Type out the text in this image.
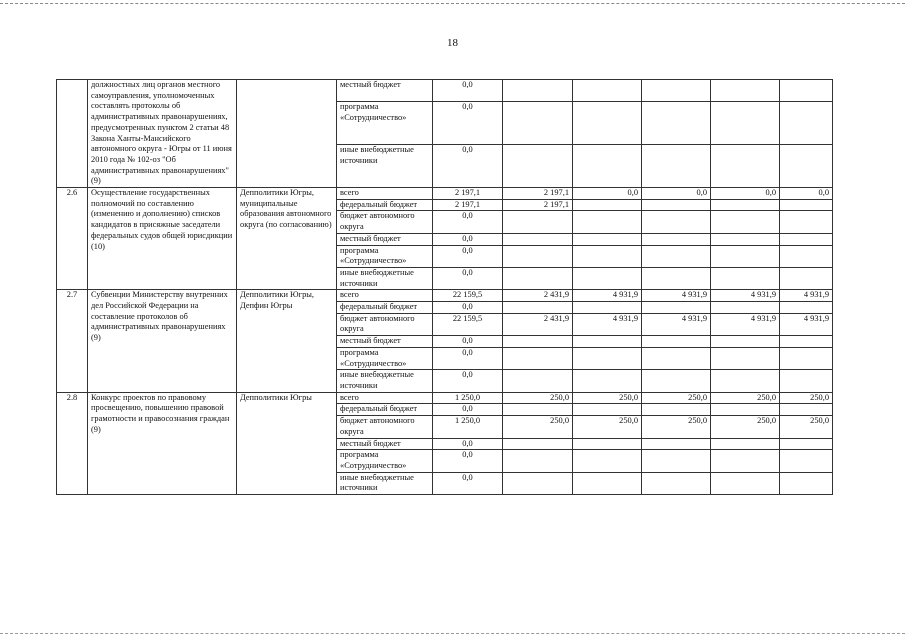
18
	должностных лиц органов местного самоуправления, уполномоченных составлять протоколы об административных правонарушениях, предусмотренных пунктом 2 статьи 48 Закона Ханты-Мансийского автономного округа - Югры от 11 июня 2010 года № 102-оз "Об административных правонарушениях" (9)		местный бюджет	0,0					
			программа «Сотрудничество»	0,0					
			иные внебюджетные источники	0,0					
2.6	Осуществление государственных полномочий по составлению (изменению и дополнению) списков кандидатов в присяжные заседатели федеральных судов общей юрисдикции (10)	Депполитики Югры, муниципальные образования автономного округа (по согласованию)	всего	2 197,1	2 197,1	0,0	0,0	0,0	0,0
			федеральный бюджет	2 197,1	2 197,1				
			бюджет автономного округа	0,0					
			местный бюджет	0,0					
			программа «Сотрудничество»	0,0					
			иные внебюджетные источники	0,0					
2.7	Субвенции Министерству внутренних дел Российской Федерации на составление протоколов об административных правонарушениях (9)	Депполитики Югры, Депфин Югры	всего	22 159,5	2 431,9	4 931,9	4 931,9	4 931,9	4 931,9
			федеральный бюджет	0,0					
			бюджет автономного округа	22 159,5	2 431,9	4 931,9	4 931,9	4 931,9	4 931,9
			местный бюджет	0,0					
			программа «Сотрудничество»	0,0					
			иные внебюджетные источники	0,0					
2.8	Конкурс проектов по правовому просвещению, повышению правовой грамотности и правосознания граждан (9)	Депполитики Югры	всего	1 250,0	250,0	250,0	250,0	250,0	250,0
			федеральный бюджет	0,0					
			бюджет автономного округа	1 250,0	250,0	250,0	250,0	250,0	250,0
			местный бюджет	0,0					
			программа «Сотрудничество»	0,0					
			иные внебюджетные источники	0,0					
